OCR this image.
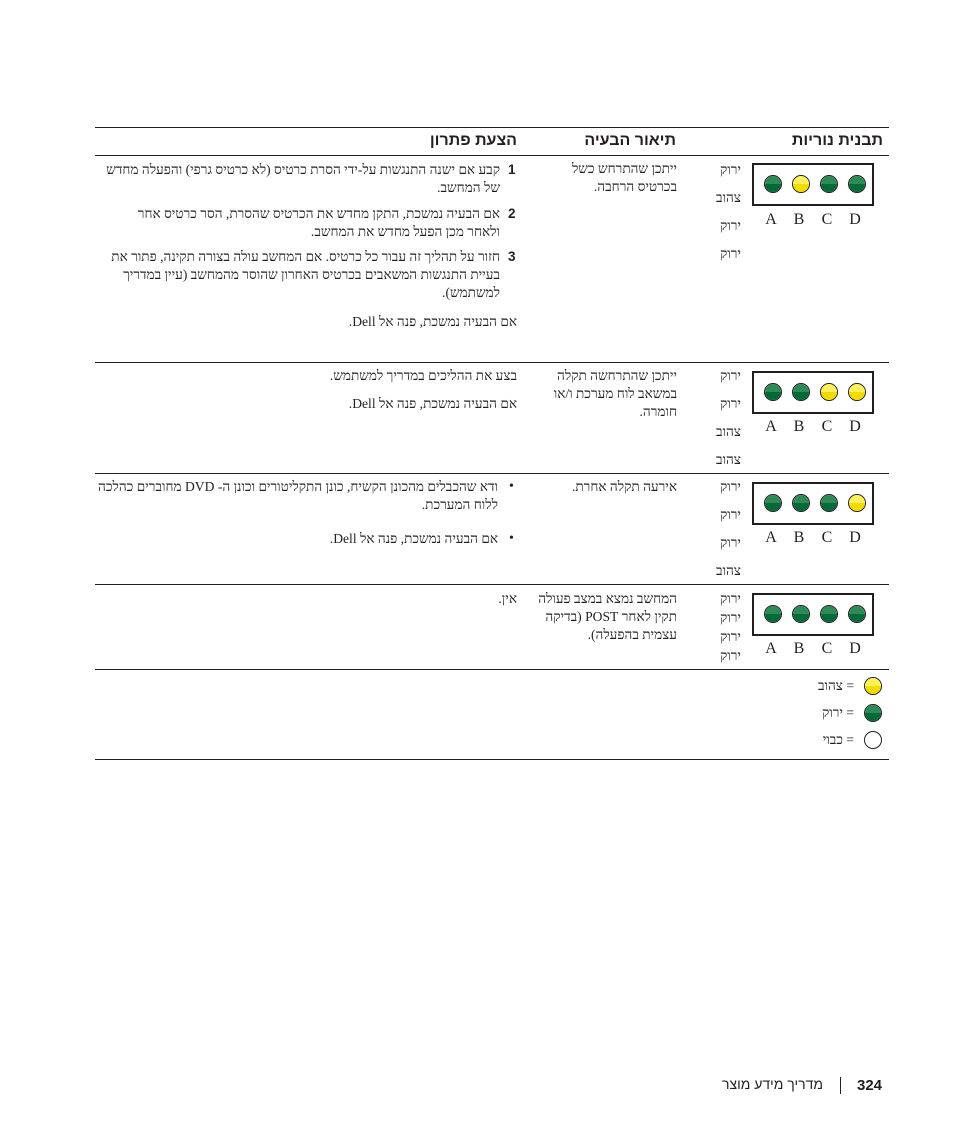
תבנית נוריות
תיאור הבעיה
הצעת פתרון
ירוק
צהוב
ירוק
ירוק
A B C D
ייתכן שהתרחש כשל בכרטיס הרחבה.
1
קבע אם ישנה התנגשות על-ידי הסרת כרטיס (לא כרטיס גרפי) והפעלה מחדש של המחשב.
2
אם הבעיה נמשכת, התקן מחדש את הכרטיס שהסרת, הסר כרטיס אחר ולאחר מכן הפעל מחדש את המחשב.
3
חזור על תהליך זה עבור כל כרטיס. אם המחשב עולה בצורה תקינה, פתור את בעיית התנגשות המשאבים בכרטיס האחרון שהוסר מהמחשב (עיין במדריך למשתמש).
אם הבעיה נמשכת, פנה אל Dell.
ירוק
ירוק
צהוב
צהוב
A B C D
ייתכן שהתרחשה תקלה במשאב לוח מערכת ו/או חומרה.
בצע את ההליכים במדריך למשתמש.
אם הבעיה נמשכת, פנה אל Dell.
ירוק
ירוק
ירוק
צהוב
A B C D
אירעה תקלה אחרת.
•
ודא שהכבלים מהכונן הקשיח, כונן התקליטורים וכונן ה- DVD מחוברים כהלכה ללוח המערכת.
•
אם הבעיה נמשכת, פנה אל Dell.
ירוק
ירוק
ירוק
ירוק A B C D
המחשב נמצא במצב פעולה תקין לאחר POST (בדיקה עצמית בהפעלה).
אין.
= צהוב
= ירוק
= כבוי
324
מדריך מידע מוצר
